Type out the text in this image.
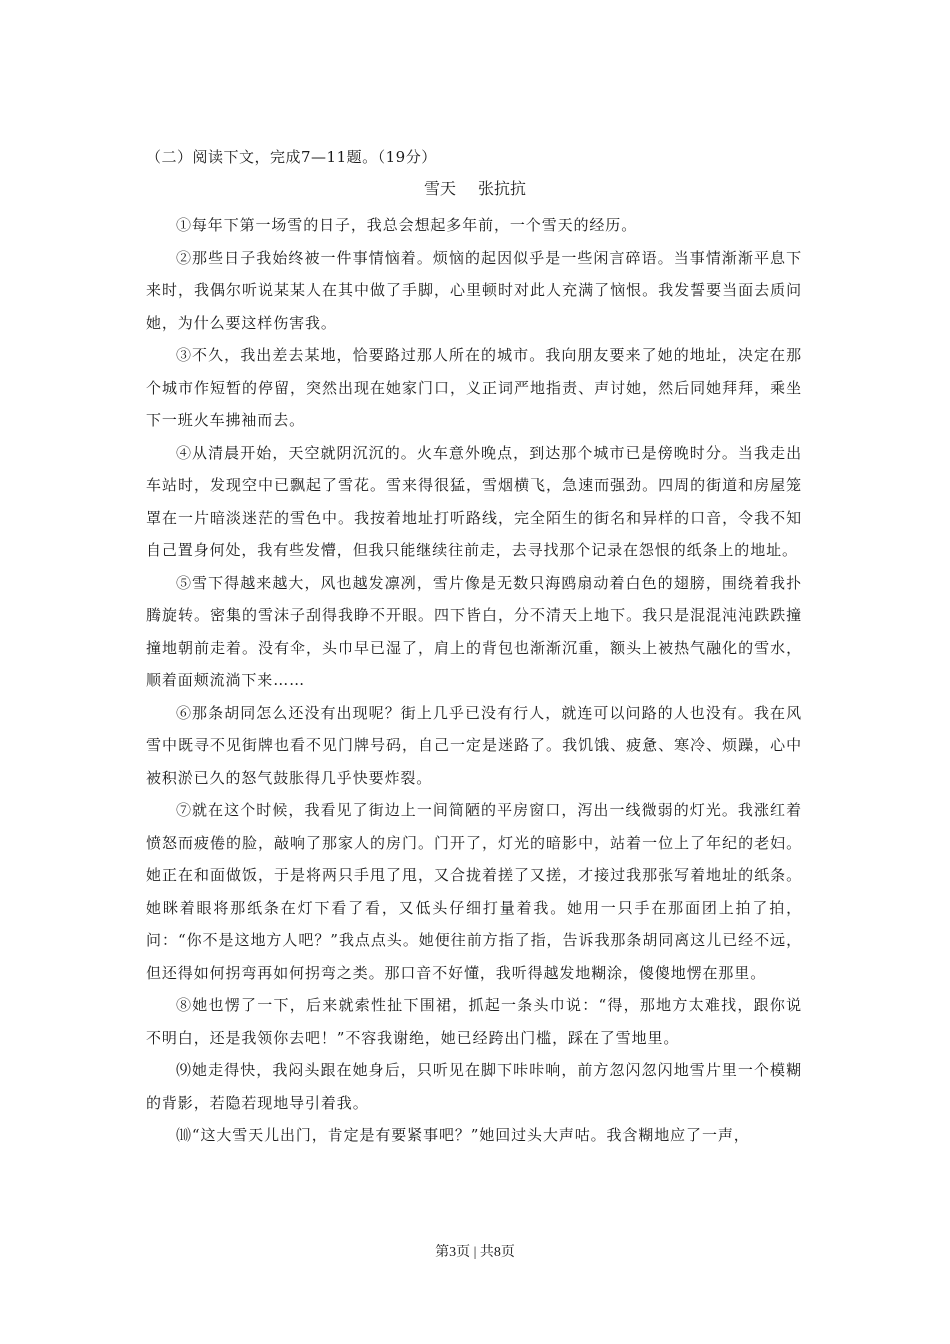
（二）阅读下文，完成7—11题。（19分）
雪天 张抗抗

①每年下第一场雪的日子，我总会想起多年前，一个雪天的经历。

②那些日子我始终被一件事情恼着。烦恼的起因似乎是一些闲言碎语。当事情渐渐平息下来时，我偶尔听说某某人在其中做了手脚，心里顿时对此人充满了恼恨。我发誓要当面去质问她，为什么要这样伤害我。

③不久，我出差去某地，恰要路过那人所在的城市。我向朋友要来了她的地址，决定在那个城市作短暂的停留，突然出现在她家门口，义正词严地指责、声讨她，然后同她拜拜，乘坐下一班火车拂袖而去。

④从清晨开始，天空就阴沉沉的。火车意外晚点，到达那个城市已是傍晚时分。当我走出车站时，发现空中已飘起了雪花。雪来得很猛，雪烟横飞，急速而强劲。四周的街道和房屋笼罩在一片暗淡迷茫的雪色中。我按着地址打听路线，完全陌生的街名和异样的口音，令我不知自己置身何处，我有些发懵，但我只能继续往前走，去寻找那个记录在怨恨的纸条上的地址。

⑤雪下得越来越大，风也越发凛冽，雪片像是无数只海鸥扇动着白色的翅膀，围绕着我扑腾旋转。密集的雪沫子刮得我睁不开眼。四下皆白，分不清天上地下。我只是混混沌沌跌跌撞撞地朝前走着。没有伞，头巾早已湿了，肩上的背包也渐渐沉重，额头上被热气融化的雪水，顺着面颊流淌下来……

⑥那条胡同怎么还没有出现呢？街上几乎已没有行人，就连可以问路的人也没有。我在风雪中既寻不见街牌也看不见门牌号码，自己一定是迷路了。我饥饿、疲惫、寒冷、烦躁，心中被积淤已久的怒气鼓胀得几乎快要炸裂。

⑦就在这个时候，我看见了街边上一间简陋的平房窗口，泻出一线微弱的灯光。我涨红着愤怒而疲倦的脸，敲响了那家人的房门。门开了，灯光的暗影中，站着一位上了年纪的老妇。她正在和面做饭，于是将两只手甩了甩，又合拢着搓了又搓，才接过我那张写着地址的纸条。她眯着眼将那纸条在灯下看了看，又低头仔细打量着我。她用一只手在那面团上拍了拍，问：“你不是这地方人吧？”我点点头。她便往前方指了指，告诉我那条胡同离这儿已经不远，但还得如何拐弯再如何拐弯之类。那口音不好懂，我听得越发地糊涂，傻傻地愣在那里。

⑧她也愣了一下，后来就索性扯下围裙，抓起一条头巾说：“得，那地方太难找，跟你说不明白，还是我领你去吧！”不容我谢绝，她已经跨出门槛，踩在了雪地里。

⑼她走得快，我闷头跟在她身后，只听见在脚下咔咔响，前方忽闪忽闪地雪片里一个模糊的背影，若隐若现地导引着我。

⑽“这大雪天儿出门，肯定是有要紧事吧？”她回过头大声咕。我含糊地应了一声，

第3页 | 共8页
